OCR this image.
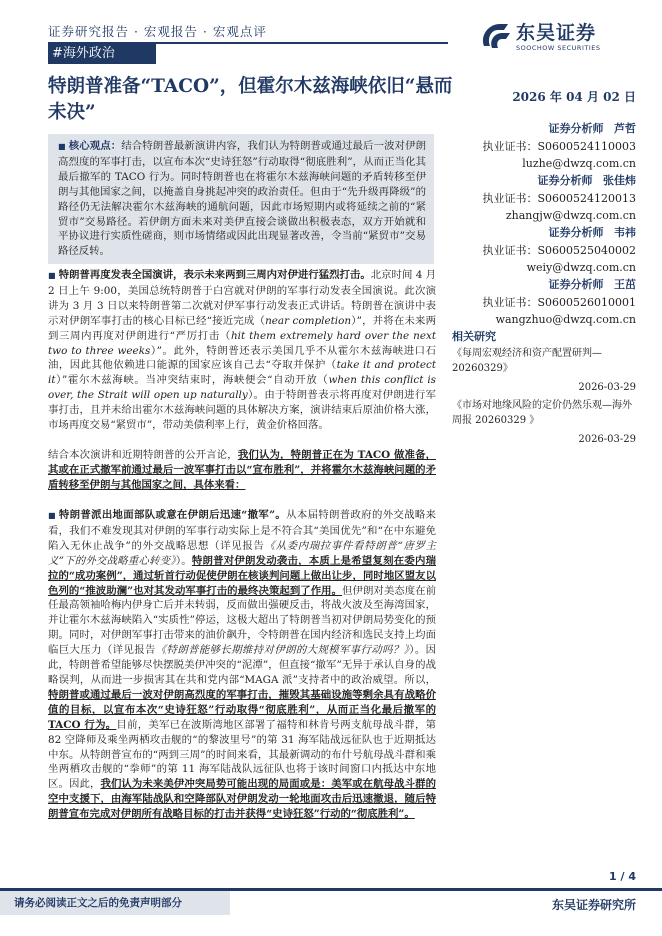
证券研究报告 · 宏观报告 · 宏观点评
#海外政治
东吴证券
SOOCHOW SECURITIES
特朗普准备“TACO”，但霍尔木兹海峡依旧“悬而未决”
2026 年 04 月 02 日
■ 核心观点：结合特朗普最新演讲内容，我们认为特朗普或通过最后一波对伊朗高烈度的军事打击，以宣布本次“史诗狂怒”行动取得“彻底胜利”，从而正当化其最后撤军的 TACO 行为。同时特朗普也在将霍尔木兹海峡问题的矛盾转移至伊朗与其他国家之间，以掩盖自身挑起冲突的政治责任。但由于“先升级再降级”的路径仍无法解决霍尔木兹海峡的通航问题，因此市场短期内或将延续之前的“紧贸市”交易路径。若伊朗方面未来对美伊直接会谈做出积极表态，双方开始就和平协议进行实质性磋商，则市场情绪或因此出现显著改善，令当前“紧贸市”交易路径反转。
■ 特朗普再度发表全国演讲，表示未来两到三周内对伊进行猛烈打击。北京时间 4 月 2 日上午 9:00，美国总统特朗普于白宫就对伊朗的军事行动发表全国演说。此次演讲为 3 月 3 日以来特朗普第二次就对伊军事行动发表正式讲话。特朗普在演讲中表示对伊朗军事打击的核心目标已经“接近完成（near completion）”，并将在未来两到三周内再度对伊朗进行“严厉打击（hit them extremely hard over the next two to three weeks）”。此外，特朗普还表示美国几乎不从霍尔木兹海峡进口石油，因此其他依赖进口能源的国家应该自己去“夺取并保护（take it and protect it）”霍尔木兹海峡。当冲突结束时，海峡便会“自动开放（when this conflict is over, the Strait will open up naturally）。由于特朗普表示将再度对伊朗进行军事打击，且并未给出霍尔木兹海峡问题的具体解决方案，演讲结束后原油价格大涨，市场再度交易“紧贸市”，带动美债利率上行，黄金价格回落。
结合本次演讲和近期特朗普的公开言论，我们认为，特朗普正在为 TACO 做准备，其或在正式撤军前通过最后一波军事打击以“宣布胜利”，并将霍尔木兹海峡问题的矛盾转移至伊朗与其他国家之间，具体来看：
■ 特朗普派出地面部队或意在伊朗后迅速“撤军”。从本届特朗普政府的外交战略来看，我们不难发现其对伊朗的军事行动实际上是不符合其“美国优先”和“在中东避免陷入无休止战争”的外交战略思想（详见报告《从委内瑞拉事件看特朗普“唐罗主义”下的外交战略重心转变》）。特朗普对伊朗发动袭击，本质上是希望复刻在委内瑞拉的“成功案例”，通过斩首行动促使伊朗在核谈判问题上做出让步，同时地区盟友以色列的“推波助澜”也对其发动军事打击的最终决策起到了作用。但伊朗对美态度在前任最高领袖哈梅内伊身亡后并未转弱，反而做出强硬反击，将战火波及至海湾国家，并让霍尔木兹海峡陷入“实质性”停运，这极大超出了特朗普当初对伊朗局势变化的预期。同时，对伊朗军事打击带来的油价飙升，令特朗普在国内经济和选民支持上均面临巨大压力（详见报告《特朗普能够长期维持对伊朗的大规模军事行动吗？》）。因此，特朗普希望能够尽快摆脱美伊冲突的“泥潭”，但直接“撤军”无异于承认自身的战略误判，从而进一步损害其在共和党内部“MAGA 派”支持者中的政治威望。所以，特朗普或通过最后一波对伊朗高烈度的军事打击，摧毁其基础设施等剩余具有战略价值的目标，以宣布本次“史诗狂怒”行动取得“彻底胜利”，从而正当化最后撤军的 TACO 行为。目前，美军已在波斯湾地区部署了福特和林肯号两支航母战斗群，第 82 空降师及乘坐两栖攻击舰的“的黎波里号”的第 31 海军陆战远征队也于近期抵达中东。从特朗普宣布的“两到三周”的时间来看，其最新调动的布什号航母战斗群和乘坐两栖攻击舰的“拳师”的第 11 海军陆战队远征队也将于该时间窗口内抵达中东地区。因此，我们认为未来美伊冲突局势可能出现的局面或是：美军或在航母战斗群的空中支援下，由海军陆战队和空降部队对伊朗发动一轮地面攻击后迅速撤退，随后特朗普宣布完成对伊朗所有战略目标的打击并获得“史诗狂怒”行动的“彻底胜利”。
证券分析师 芦哲
执业证书：S0600524110003
luzhe@dwzq.com.cn
证券分析师 张佳炜
执业证书：S0600524120013
zhangjw@dwzq.com.cn
证券分析师 韦祎
执业证书：S0600525040002
weiy@dwzq.com.cn
证券分析师 王茁
执业证书：S0600526010001
wangzhuo@dwzq.com.cn
相关研究
《每周宏观经济和资产配置研判—20260329》
2026-03-29
《市场对地缘风险的定价仍然乐观—海外周报 20260329 》
2026-03-29
1 / 4
请务必阅读正文之后的免责声明部分	东吴证券研究所
